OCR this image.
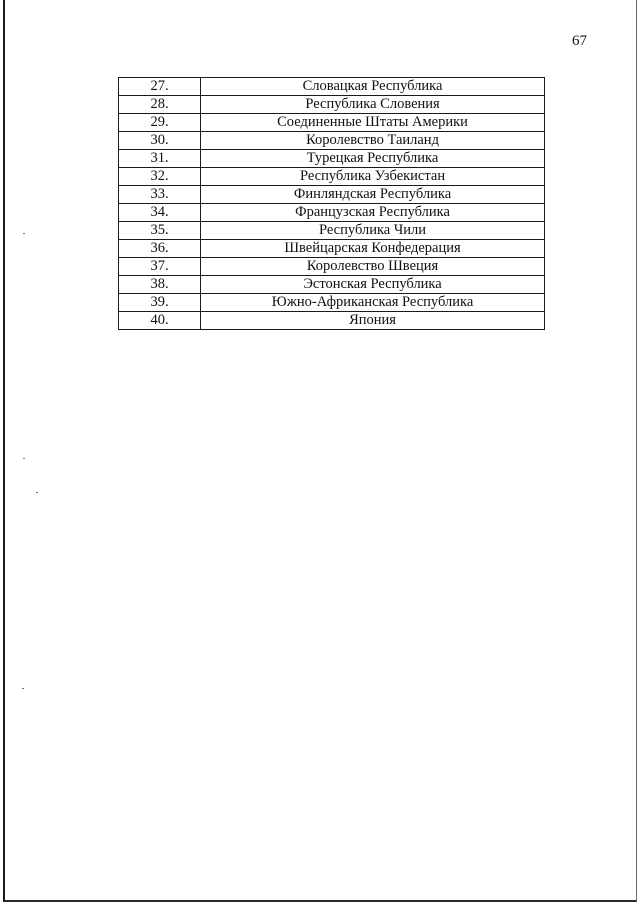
67
27.	Словацкая Республика
28.	Республика Словения
29.	Соединенные Штаты Америки
30.	Королевство Таиланд
31.	Турецкая Республика
32.	Республика Узбекистан
33.	Финляндская Республика
34.	Французская Республика
35.	Республика Чили
36.	Швейцарская Конфедерация
37.	Королевство Швеция
38.	Эстонская Республика
39.	Южно-Африканская Республика
40.	Япония
